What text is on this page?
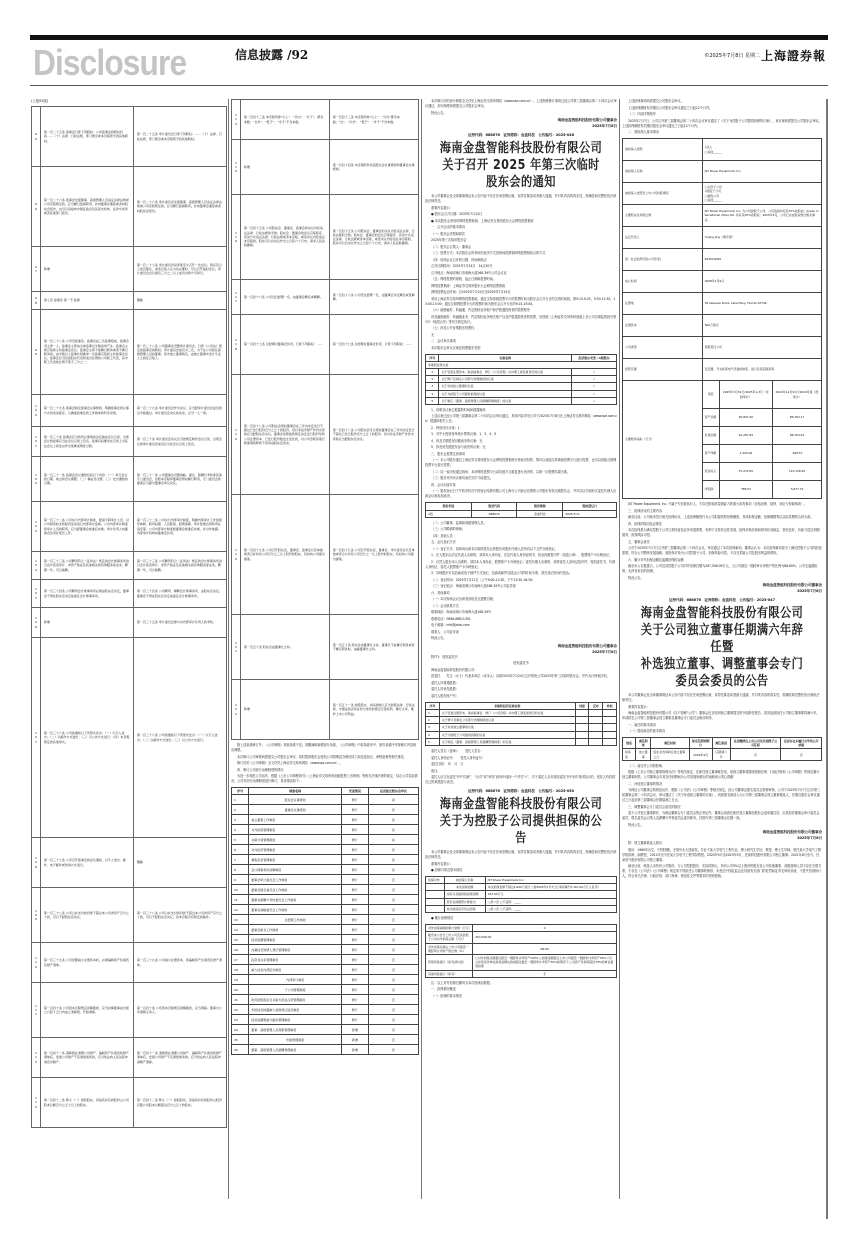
Disclosure	信息披露 /92	©2025年7月8日 星期二 上海證券報
(上接91版)
95	第一百二十五条 监事会行使下列职权：公司监事会的职权包括……（十）法律、行政法规、部门规章或本章程授予的其他职权。	第一百二十五条 审计委员会行使下列职权：……（十）法律、行政法规、部门规章或本章程授予的其他职权。
96	第一百二十六条 监事会发现董事、高级管理人员违反法律法规或公司章程规定的，应当履行监督职责，并向董事会通报或者向股东会报告，也可以直接向中国证监会及其派出机构、证券交易所或者其他部门报告。	第一百二十六条 审计委员会发现董事、高级管理人员违反法律法规或公司章程规定的，应当履行监督职责，并向董事会通报或者向股东会报告。
97	新增	第一百二十七条 审计委员会每季度至少召开一次会议。两名及以上成员提议，或者召集人认为有必要时，可以召开临时会议。审计委员会会议须有三分之二以上成员出席方可举行。
98	第七章 监事会 第一节 监事	删除
99	第一百二十八条 公司设监事会。监事会由三名监事组成，监事会设主席一人。监事会主席由全体监事过半数选举产生。监事会主席召集和主持监事会会议；监事会主席不能履行职务或者不履行职务的，由半数以上监事共同推举一名监事召集和主持监事会会议。监事会应当包括股东代表和适当比例的公司职工代表，其中职工代表的比例不低于三分之一。	第一百二十八条 公司董事会设置审计委员会，行使《公司法》规定的监事会的职权。审计委员会成员为三名，为不在公司担任高级管理人员的董事，其中独立董事两名，由独立董事中会计专业人士担任召集人。
100	第一百二十九条 监事会制定监事会议事规则，明确监事会的议事方式和表决程序，以确保监事会的工作效率和科学决策。	第一百二十九条 审计委员会作出决议，应当经审计委员会成员的过半数通过。审计委员会决议的表决，应当一人一票。
101	第一百三十条 监事会应当将所议事项的决定做成会议记录，出席会议的监事应当在会议记录上签名。监事有权要求在记录上对其在会议上的发言作出某种说明性记载。	第一百三十条 审计委员会决议应当按规定制作会议记录，出席会议的审计委员会成员应当在会议记录上签名。
102	第一百三十一条 监事会会议通知包括以下内容：（一）举行会议的日期、地点和会议期限；（二）事由及议题；（三）发出通知的日期。	第一百三十一条 公司董事会设置战略、提名、薪酬与考核等其他专门委员会，依照本章程和董事会授权履行职责，专门委员会的提案应当提交董事会审议决定。
103	第一百三十二条 公司实行内部审计制度，配备专职审计人员，对公司财务收支和经济活动进行内部审计监督。公司内部审计制度和审计人员的职责，应当经董事会批准后实施。审计负责人向董事会负责并报告工作。	第一百三十二条 公司实行内部审计制度，明确内部审计工作的领导体制、职责权限、人员配备、经费保障、审计结果运用和责任追究等。公司内部审计制度经董事会批准后实施，并对外披露。内部审计机构向董事会负责。
104	第一百三十三条 公司聘用符合《证券法》规定的会计师事务所进行会计报表审计、净资产验证及其他相关的咨询服务等业务，聘期一年，可以续聘。	第一百三十三条 公司聘用符合《证券法》规定的会计师事务所进行会计报表审计、净资产验证及其他相关的咨询服务等业务，聘期一年，可以续聘。
105	第一百三十四条 公司聘用会计师事务所必须由股东会决定，董事会不得在股东会决定前委任会计师事务所。	第一百三十四条 公司聘用、解聘会计师事务所，由股东会决定。董事会不得在股东会决定前委任会计师事务所。
106	新增	第一百三十五条 审计委员会参与对内部审计负责人的考核。
107	第一百三十六条 公司的通知以下列形式发出：（一）以专人送出；（二）以邮件方式送出；（三）以公告方式进行；（四）本章程规定的其他形式。	第一百三十六条 公司的通知以下列形式发出：（一）以专人送出；（二）以邮件方式送出；（三）以公告方式进行。
108	第一百三十七条 公司召开监事会的会议通知，以专人送出、邮件、电子邮件或传真方式进行。	删除
109	第一百三十八条 公司合并支付的价款不超过本公司净资产百分之十的，可以不经股东会决议。	第一百三十八条 公司合并支付的价款不超过本公司净资产百分之十的，可以不经股东会决议，但本章程另有规定的除外。
110	第一百三十九条 公司需要减少注册资本时，必须编制资产负债表及财产清单。	第一百三十九条 公司减少注册资本，将编制资产负债表及财产清单。
111	第一百四十条 公司因本章程规定而解散的，应当在解散事由出现之日起十五日内成立清算组，开始清算。	第一百四十条 公司因本章程规定而解散的，应当清算。董事为公司清算义务人。
112	第一百四十一条 清算组在清理公司财产、编制资产负债表和财产清单后，发现公司财产不足清偿债务的，应当依法向人民法院申请宣告破产。	第一百四十一条 清算组在清理公司财产、编制资产负债表和财产清单后，发现公司财产不足清偿债务的，应当依法向人民法院申请破产清算。
113	第一百四十二条 释义（一）控股股东，是指其持有的股份占公司股本总额百分之五十以上的股东。	第一百四十二条 释义（一）控股股东，是指其持有的股份占股份有限公司股本总额超过百分之五十的股东。
114	第一百四十三条 本章程所称“以上”、“以内”、“以下”，都含本数；“以外”、“低于”、“多于”不含本数。	第一百四十三条 本章程所称“以上”、“以内”都含本数；“过”、“以外”、“低于”、“多于”不含本数。
115	新增	第一百四十四条 本章程附件包括股东会议事规则和董事会议事规则。
116	第一百四十五条 公司股东会、董事会、监事会的决议内容违反法律、行政法规的无效。股东会、董事会的会议召集程序、表决方式违反法律、行政法规或者本章程，或者决议内容违反本章程的，股东可以自决议作出之日起六十日内，请求人民法院撤销。	第一百四十五条 公司股东会、董事会的决议内容违反法律、行政法规的无效。股东会、董事会的会议召集程序、表决方式违反法律、行政法规或者本章程，或者决议内容违反本章程的，股东可以自决议作出之日起六十日内，请求人民法院撤销。
117	第一百四十六条 公司设总经理一名，由董事会聘任或解聘。	第一百四十六条 公司设总经理一名，由董事会决定聘任或者解聘。
118	第一百四十七条 总经理对董事会负责，行使下列职权：……	第一百四十七条 总经理对董事会负责，行使下列职权：……
119	第一百四十八条 公司股东会授权董事会在三年内决定发行不超过已发行股份百分之五十的股份，但以非货币财产作价出资的应当经股东会决议。董事会依照前款规定决定发行股份导致公司注册资本、已发行股份数发生变化的，对公司章程该项记载事项的修改不需再由股东会表决。	第一百四十八条 公司股东会可以授权董事会在三年内决定发行不超过已发行股份百分之五十的股份。但以非货币财产作价出资的应当经股东会决议。
120	第一百四十九条 公司召开股东会，董事会、监事会以及单独或者合并持有公司百分之三以上股份的股东，有权向公司提出提案。	第一百四十九条 公司召开股东会，董事会、审计委员会以及单独或者合计持有公司百分之一以上股份的股东，有权向公司提出提案。
121	第一百五十条 股东会由董事长主持。	第一百五十条 股东会由董事长主持。董事长不能履行职务或者不履行职务时，由副董事长主持。
122	新增	第一百五十一条 控股股东、实际控制人应当依照法律、行政法规、中国证监会和证券交易所的规定行使权利、履行义务，维护上市公司利益。

除上述条款修订外，《公司章程》其他条款不变。因删减和新增部分条款，《公司章程》中原条款序号、援引条款序号按修订内容相应调整。

本次修订公司章程尚需提交公司股东会审议，同时提请股东会授权公司管理层办理后续工商变更登记、章程备案等相关事宜。

修订后的《公司章程》全文详见上海证券交易所网站（www.sse.com.cn）。

四、修订公司部分治理制度的情况

为进一步规范公司运作，根据《上市公司章程指引》《上海证券交易所科创板股票上市规则》等相关法律法规的规定，结合公司实际情况，公司对部分治理制度进行修订，具体情况如下：

序号	制度名称	变更情况	是否提交股东会审议
1	股东会议事规则	修订	是
2	董事会议事规则	修订	是
3	独立董事工作制度	修订	是
4	对外担保管理制度	修订	是
5	关联交易管理制度	修订	是
6	对外投资管理制度	修订	是
7	募集资金管理制度	修订	是
8	会计师事务所选聘制度	修订	是
9	董事会审计委员会工作细则	修订	否
10	董事会提名委员会工作细则	修订	否
11	董事会薪酬与考核委员会工作细则	修订	否
12	董事会战略委员会工作细则	修订	否
13	总经理工作细则	修订	否
14	董事会秘书工作细则	修订	否
15	信息披露管理制度	修订	否
16	内幕信息知情人登记管理制度	修订	否
17	投资者关系管理制度	修订	否
18	重大信息内部报告制度	修订	否
19	内部审计制度	修订	否
20	子公司管理制度	修订	否
21	防范控股股东及关联方资金占用管理制度	修订	否
22	年报信息披露重大差错责任追究制度	修订	否
23	信息披露暂缓与豁免管理制度	修订	否
24	董事、高级管理人员离职管理制度	新增	否
25	市值管理制度	新增	否
26	董事、高级管理人员薪酬管理制度	新增	是

本次修订后的部分制度全文详见上海证券交易所网站（www.sse.com.cn）。上述制度修订事项已经公司第三届董事会第二十四次会议审议通过，部分制度尚需提交公司股东会审议。

特此公告。

海南金盘智能科技股份有限公司董事会
2025年7月8日
证券代码：688676　证券简称：金盘科技　公告编号：2025-046
海南金盘智能科技股份有限公司
关于召开 2025 年第三次临时
股东会的通知

本公司董事会及全体董事保证本公告内容不存在任何虚假记载、误导性陈述或者重大遗漏，并对其内容的真实性、准确性和完整性依法承担法律责任。

重要内容提示：

● 股东会召开日期：2025年7月24日

● 本次股东会采用的网络投票系统：上海证券交易所股东大会网络投票系统

一、召开会议的基本情况

（一）股东会类型和届次

2025年第三次临时股东会

（二）股东会召集人：董事会

（三）投票方式：本次股东会所采用的表决方式是现场投票和网络投票相结合的方式

（四）现场会议召开的日期、时间和地点

召开日期时间：2025年7月24日　14点30分

召开地点：海南省海口市南海大道168-39号公司会议室

（五）网络投票的系统、起止日期和投票时间。

网络投票系统：上海证券交易所股东大会网络投票系统

网络投票起止时间：自2025年7月24日至2025年7月24日

采用上海证券交易所网络投票系统，通过交易系统投票平台的投票时间为股东会召开当日的交易时间段，即9:15-9:25，9:30-11:30，13:00-15:00；通过互联网投票平台的投票时间为股东会召开当日的9:15-15:00。

（六）融资融券、转融通、约定购回业务账户和沪股通投资者的投票程序

涉及融资融券、转融通业务、约定购回业务相关账户以及沪股通投资者的投票，应按照《上海证券交易所科创板上市公司自律监管指引第1号一规范运作》等有关规定执行。

（七）涉及公开征集股东投票权

无

二、会议审议事项

本次股东会审议议案及投票股东类型

序号	议案名称	投票股东类型 / A股股东
非累积投票议案		
1	关于变更注册资本、取消监事会、修订《公司章程》并办理工商变更登记的议案	√
2	关于修订及制定公司部分治理制度的议案	√
3	关于补选独立董事的议案	√
4	关于为控股子公司提供担保的议案	√
5	关于制定《董事、高级管理人员薪酬管理制度》的议案	√

1、说明各议案已披露的时间和披露媒体

上述议案已经公司第三届董事会第二十四次会议审议通过，具体内容详见公司于2025年7月8日在上海证券交易所网站（www.sse.com.cn）披露的相关公告。

2、特别决议议案：1

3、对中小投资者单独计票的议案：1、3、4、5

4、涉及关联股东回避表决的议案：无

5、涉及优先股股东参与表决的议案：无

三、股东会投票注意事项

（一）本公司股东通过上海证券交易所股东大会网络投票系统行使表决权的，既可以登陆交易系统投票平台进行投票，也可以登陆互联网投票平台进行投票。

（二）同一表决权通过现场、本所网络投票平台或其他方式重复进行表决的，以第一次投票结果为准。

（三）股东对所有议案均表决完毕才能提交。

四、会议出席对象

（一）股权登记日下午收市时在中国登记结算有限公司上海分公司登记在册的公司股东有权出席股东会，并可以以书面形式委托代理人出席会议和参加表决。

股份类别	股票代码	股票简称	股权登记日
A股	688676	金盘科技	2025/7/17

（二）公司董事、监事和高级管理人员。

（三）公司聘请的律师。

（四）其他人员

五、会议登记方法

（一）登记方式：拟现场出席本次临时股东会的股东或股东代理人应持有以下文件办理登记。

1、法人股东由法定代表人出席的，须持本人身份证、法定代表人身份证明书、营业执照复印件（加盖公章）、股票账户卡办理登记。

2、自然人股东本人出席的，须持本人身份证、股票账户卡办理登记；委托代理人出席的，须持委托人身份证复印件、授权委托书、代理人身份证、委托人股票账户卡办理登记。

3、异地股东可以信函或电子邮件方式登记，信函或邮件以抵达公司的时间为准，须在登记时间内送达。

（二）登记时间：2025年7月21日（上午9:00-11:30，下午13:30-16:30）

（三）登记地点：海南省海口市南海大道168-39号公司证券部

六、其他事项

（一）本次现场会议出席者食宿及交通费自理。

（二）会议联系方式

联系地址：海南省海口市南海大道168-39号

联系电话：0898-66811301

电子邮箱：info@jstdc.com

联系人：公司证券部

特此公告。

海南金盘智能科技股份有限公司董事会
2025年7月8日

附件1：授权委托书

授权委托书

海南金盘智能科技股份有限公司：

兹委托　　先生（女士）代表本单位（或本人）出席2025年7月24日召开的贵公司2025年第三次临时股东会，并代为行使表决权。

委托人持普通股数：

委托人持优先股数：

委托人股东账户号：

序号	非累积投票议案名称	同意	反对	弃权
1	关于变更注册资本、取消监事会、修订《公司章程》并办理工商变更登记的议案			
2	关于修订及制定公司部分治理制度的议案			
3	关于补选独立董事的议案			
4	关于为控股子公司提供担保的议案			
5	关于制定《董事、高级管理人员薪酬管理制度》的议案			

委托人签名（盖章）：　　受托人签名：

委托人身份证号：　　受托人身份证号：

委托日期：　年　月　日

备注：

委托人应当在委托书中“同意”、“反对”或“弃权”意向中选择一个并打“√”，对于委托人在本授权委托书中未作具体指示的，受托人有权按自己的意愿进行表决。

证券代码：688676　证券简称：金盘科技　公告编号：2025-050
海南金盘智能科技股份有限公司
关于为控股子公司提供担保的公告

本公司董事会及全体董事保证本公告内容不存在任何虚假记载、误导性陈述或者重大遗漏，并对其内容的真实性、准确性和完整性依法承担法律责任。

重要内容提示：

● 担保对象及基本情况

担保对象	被担保人名称	JST Power Equipment, Inc.
	本次担保金额	本次担保金额不超过1,000万美元（按2025年7月7日汇率折算约7,167.00万元人民币）
	实际为其提供的担保余额	167.00万元
	是否在前期预计额度内	□是 √否 □不适用：_____
	本次担保是否有反担保	□是 √否 □不适用：_____

● 累计担保情况

对外担保逾期的累计金额（万元）	0
截至本公告日上市公司及其控股子公司对外担保总额（万元）	267,006.09
对外担保总额占上市公司最近一期经审计净资产的比例（%）	68.60
特别风险提示（如有请勾选）	□对外担保总额超过最近一期经审计净资产100% □担保金额超过上市公司最近一期经审计净资产50% √对合并报表外单位担保金额达到或超过最近一期经审计净资产30%的情况下 □对资产负债率超过70%的单位提供担保
其他风险提示（如有）	无

注：以上对外担保总额均为本次担保前数据。

一、担保情况概述

（一）担保的基本情况

上述担保事项尚需提交公司股东会审议。

上述担保额度有效期自公司股东会审议通过之日起12个月内。

（二）内部决策程序

2025年7月7日，公司召开第三届董事会第二十四次会议审议通过了《关于为控股子公司提供担保的议案》，该议案尚需提交公司股东会审议。上述担保额度有效期自股东会审议通过之日起12个月内。

二、被担保人基本情况

被担保人类型	√法人
□其他______		
被担保人名称	JST Power Equipment, Inc.		
被担保人类型及上市公司持股情况	□全资子公司
√控股子公司
□参股公司
□其他______		
主要股东及持股比例	JST Power Equipment, Inc. 为公司控股子公司，公司直接持有其70%的股权；Jinpan International (USA) Ltd. 持有其30%的股权；2025年4月，公司已完成股权转让相关事宜。		
法定代表人	Yuqing Jing（靖宇清）		
统一社会信用代码/公司代码	815616089		
成立时间	2008年1月9日		
注册地	39 Seaview Drive, Lake Mary, Florida 32746		
注册资本	500万美元		
公司类型	有限责任公司		
经营范围	变压器、开关柜等电气设备的销售、进口及售后服务等		
主要财务指标（万元）	项目	2025年3月31日/2025年1-3月（未经审计）	2024年12月31日/2024年度（经审计）
	资产总额	95,807.90	86,393.17
	负债总额	91,287.84	86,764.49
	资产净额	1,420.06	-368.57
	营业收入	37,274.65	143,128.56
	净利润	788.53	5,877.79

JST Power Equipment, Inc. 不属于失信被执行人，不存在影响其偿债能力的重大或有事项（包括担保、抵押、诉讼与仲裁事项）。

三、担保协议的主要内容

截至目前，公司尚未签订相关担保协议，上述担保额度仅为公司拟提供的担保额度，具体担保金额、担保期限等以实际签署的合同为准。

四、担保的原因及必要性

本次担保系为满足控股子公司日常经营及业务发展需要，有利于支持其良性发展，担保对象经营和财务状况稳定，资信良好，有能力偿还到期债务，担保风险可控。

五、董事会意见

公司于2025年7月7日召开第三届董事会第二十四次会议，审议通过了本次担保事项。董事会认为：本次担保事项是为了满足控股子公司的经营需要，符合公司整体发展战略，被担保对象为公司控股子公司，担保风险可控，不存在损害公司及股东利益的情形。

六、累计对外担保金额及逾期担保的金额

截至本公告披露日，公司及其控股子公司对外担保总额为267,006.09万元，占公司最近一期经审计净资产的比例为68.60%；公司无逾期担保，无涉及诉讼的担保。

特此公告。

海南金盘智能科技股份有限公司董事会
2025年7月8日
证券代码：688676　证券简称：金盘科技　公告编号：2025-047
海南金盘智能科技股份有限公司
关于公司独立董事任期满六年辞任暨
补选独立董事、调整董事会专门
委员会委员的公告

本公司董事会及全体董事保证本公告内容不存在任何虚假记载、误导性陈述或者重大遗漏，并对其内容的真实性、准确性和完整性依法承担法律责任。

重要内容提示：

海南金盘智能科技股份有限公司（以下简称“公司”）董事会近日收到独立董事提交的书面辞任报告，因其连续担任公司独立董事即将满六年，申请辞去公司第三届董事会独立董事及董事会专门委员会相应职务。

一、离任的基本情况

（一）提前离任的基本情况

姓名	离任职务	离任时间	原定任期到期日	离任原因	是否继续在上市公司及其控股子公司任职	是否存在未履行完毕的公开承诺
杨某某	独立董事	股东会选举新任独立董事之日	2026年4月	任期满六年	否	否

（二）离任对公司的影响

根据《上市公司独立董事管理办法》等相关规定，在新任独立董事就任前，原独立董事将继续按照法律、行政法规和《公司章程》的规定履行独立董事职责。公司董事会对其在任职期间为公司发展所做出的贡献表示衷心感谢！

二、补选独立董事的情况

为保证公司董事会的规范运作，根据《公司法》《公司章程》等相关规定，经公司董事会提名委员会资格审核，公司于2025年7月7日召开第三届董事会第二十四次会议，审议通过了《关于补选独立董事的议案》，同意提名候选人为公司第三届董事会独立董事候选人，任期自股东会审议通过之日起至第三届董事会任期届满之日止。

三、调整董事会专门委员会委员的情况

鉴于公司独立董事辞任，为保证董事会专门委员会的正常运作，董事会同意在新任独立董事经股东会选举通过后，由其担任董事会审计委员会委员、提名委员会召集人及薪酬与考核委员会委员职务，任期与第三届董事会任期一致。

特此公告。

海南金盘智能科技股份有限公司董事会
2025年7月8日

附：独立董事候选人简历

简历：1969年出生，中国国籍，无境外永久居留权，毕业于某大学电气工程专业，博士研究生学历，教授、博士生导师。曾任某大学电气工程学院讲师、副教授，2012年至今任某大学电气工程学院教授。2020年5月至2023年5月，任某科技股份有限公司独立董事；2021年8月至今，任某电气股份有限公司独立董事。

截至目前，候选人未持有公司股份，与公司控股股东、实际控制人、持有公司5%以上股份的股东及公司其他董事、高级管理人员不存在关联关系，不存在《公司法》《公司章程》规定的不得担任公司董事的情形，未受过中国证监会及其他有关部门的处罚和证券交易所惩戒，不是失信被执行人，符合有关法律、行政法规、部门规章、规范性文件等要求的任职资格。
